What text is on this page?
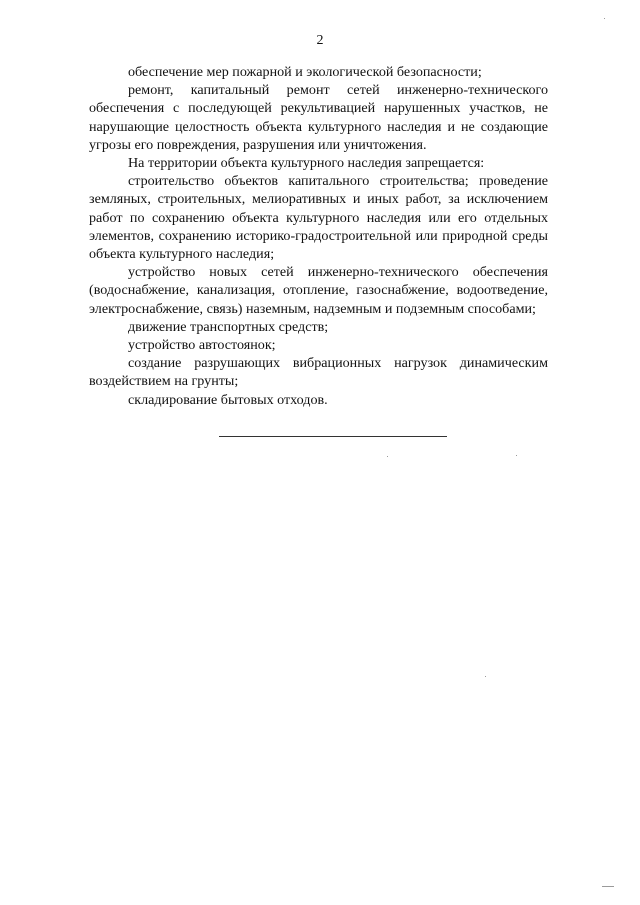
2

обеспечение мер пожарной и экологической безопасности;

ремонт, капитальный ремонт сетей инженерно-технического обеспечения с последующей рекультивацией нарушенных участков, не нарушающие целостность объекта культурного наследия и не создающие угрозы его повреждения, разрушения или уничтожения.

На территории объекта культурного наследия запрещается:

строительство объектов капитального строительства; проведение земляных, строительных, мелиоративных и иных работ, за исключением работ по сохранению объекта культурного наследия или его отдельных элементов, сохранению историко-градостроительной или природной среды объекта культурного наследия;

устройство новых сетей инженерно-технического обеспечения (водоснабжение, канализация, отопление, газоснабжение, водоотведение, электроснабжение, связь) наземным, надземным и подземным способами;

движение транспортных средств;

устройство автостоянок;

создание разрушающих вибрационных нагрузок динамическим воздействием на грунты;

складирование бытовых отходов.
